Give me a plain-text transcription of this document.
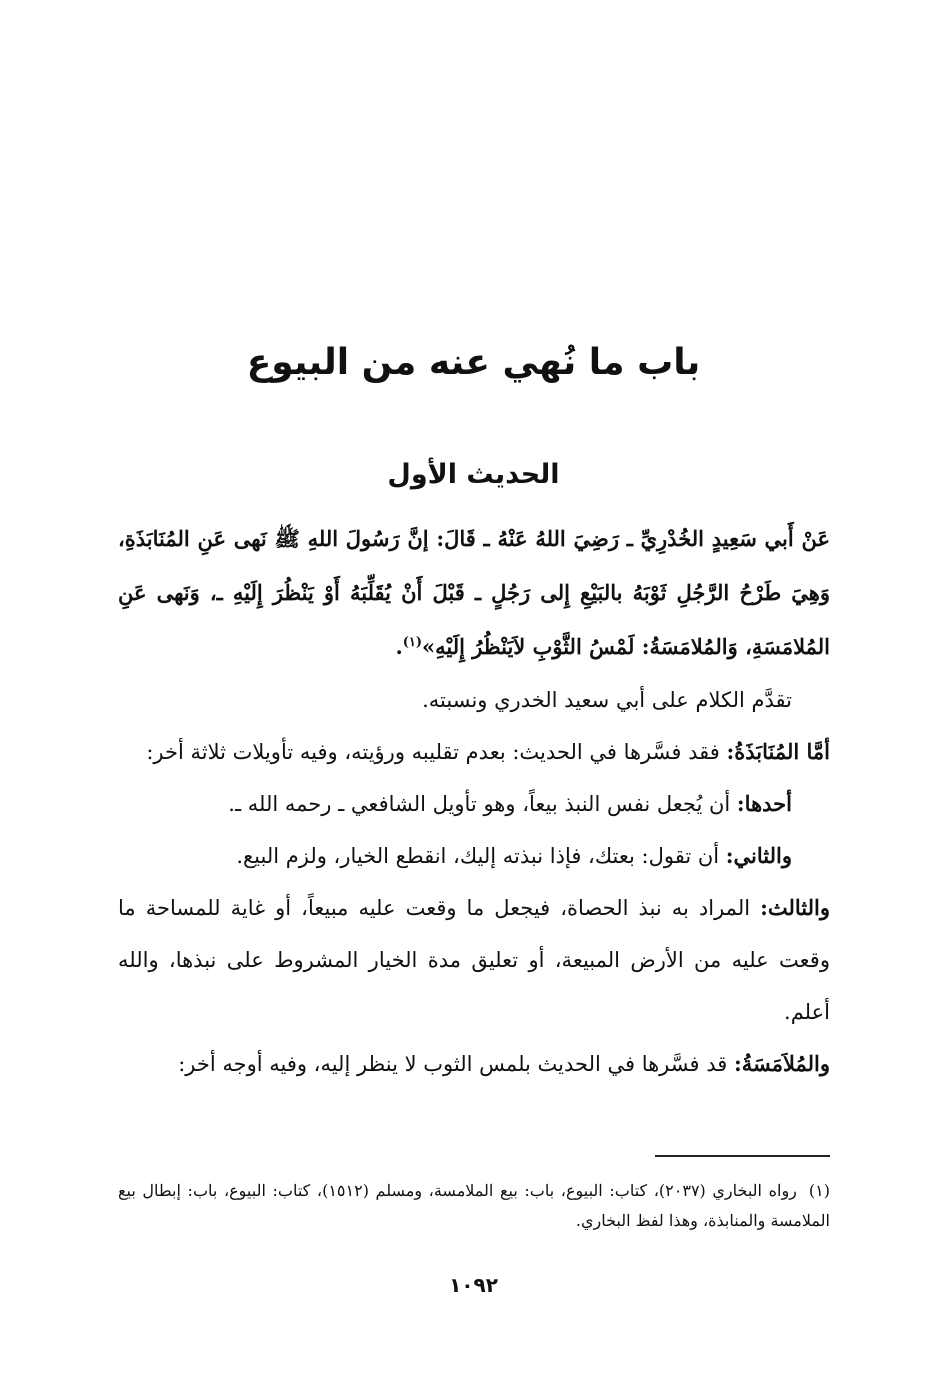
باب ما نُهي عنه من البيوع
الحديث الأول

عَنْ أَبي سَعِيدٍ الخُدْرِيِّ ـ رَضِيَ اللهُ عَنْهُ ـ قَالَ: إنَّ رَسُولَ اللهِ ﷺ نَهى عَنِ المُنَابَذَةِ، وَهِيَ طَرْحُ الرَّجُلِ ثَوْبَهُ بالبَيْعِ إِلى رَجُلٍ ـ قَبْلَ أَنْ يُقَلِّبَهُ أَوْ يَنْظُرَ إِلَيْهِ ـ، وَنَهى عَنِ المُلامَسَةِ، وَالمُلامَسَةُ: لَمْسُ الثَّوْبِ لاَيَنْظُرُ إِلَيْهِ»$^{(١)}$.

تقدَّم الكلام على أبي سعيد الخدري ونسبته.

أمَّا المُنَابَذَةُ: فقد فسَّرها في الحديث: بعدم تقليبه ورؤيته، وفيه تأويلات ثلاثة أخر:

أحدها: أن يُجعل نفس النبذ بيعاً، وهو تأويل الشافعي ـ رحمه الله ـ.

والثاني: أن تقول: بعتك، فإذا نبذته إليك، انقطع الخيار، ولزم البيع.

والثالث: المراد به نبذ الحصاة، فيجعل ما وقعت عليه مبيعاً، أو غاية للمساحة ما وقعت عليه من الأرض المبيعة، أو تعليق مدة الخيار المشروط على نبذها، والله أعلم.

والمُلاَمَسَةُ: قد فسَّرها في الحديث بلمس الثوب لا ينظر إليه، وفيه أوجه أخر:

(١)رواه البخاري (٢٠٣٧)، كتاب: البيوع، باب: بيع الملامسة، ومسلم (١٥١٢)، كتاب: البيوع، باب: إبطال بيع الملامسة والمنابذة، وهذا لفظ البخاري.

١٠٩٢
